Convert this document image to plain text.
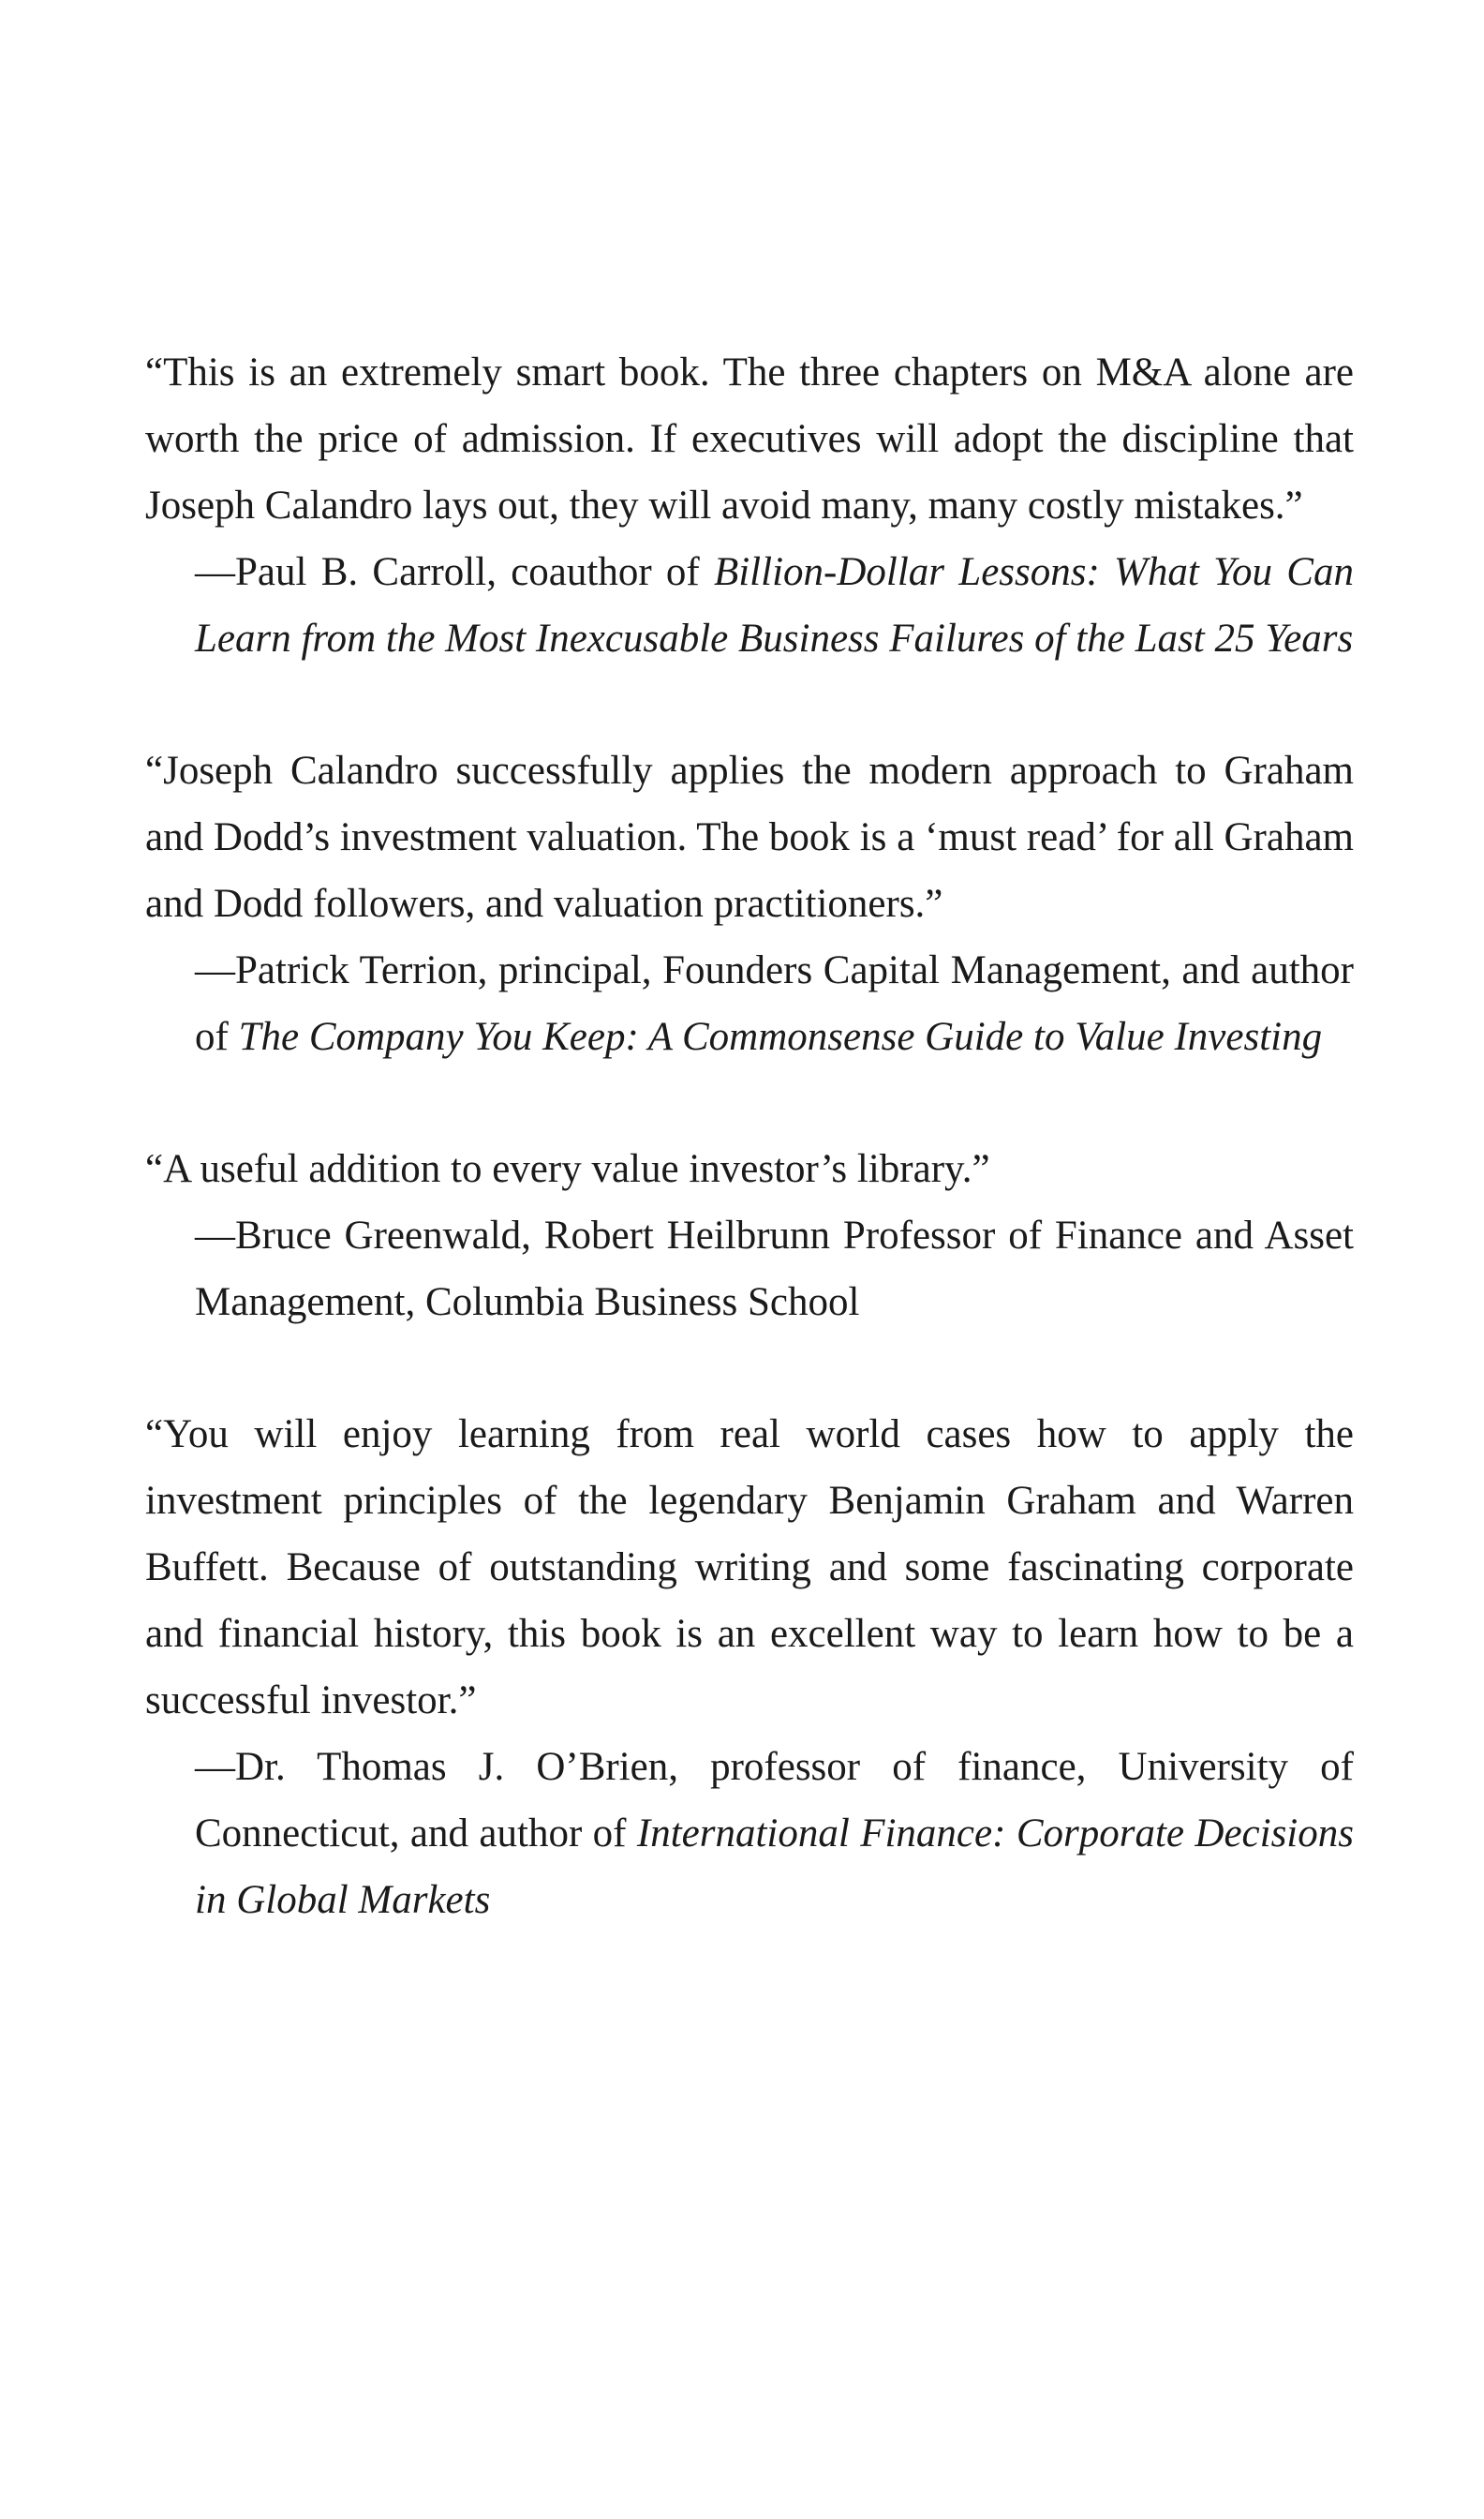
“This is an extremely smart book. The three chapters on M&A alone are worth the price of admission. If executives will adopt the discipline that Joseph Calandro lays out, they will avoid many, many costly mistakes.”

—Paul B. Carroll, coauthor of Billion-Dollar Lessons: What You Can Learn from the Most Inexcusable Business Failures of the Last 25 Years

“Joseph Calandro successfully applies the modern approach to Graham and Dodd’s investment valuation. The book is a ‘must read’ for all Graham and Dodd followers, and valuation practitioners.”

—Patrick Terrion, principal, Founders Capital Management, and author of The Company You Keep: A Commonsense Guide to Value Investing

“A useful addition to every value investor’s library.”

—Bruce Greenwald, Robert Heilbrunn Professor of Finance and Asset Management, Columbia Business School

“You will enjoy learning from real world cases how to apply the investment principles of the legendary Benjamin Graham and Warren Buffett. Because of outstanding writing and some fascinating corporate and financial history, this book is an excellent way to learn how to be a successful investor.”

—Dr. Thomas J. O’Brien, professor of finance, University of Connecticut, and author of International Finance: Corporate Decisions in Global Markets
